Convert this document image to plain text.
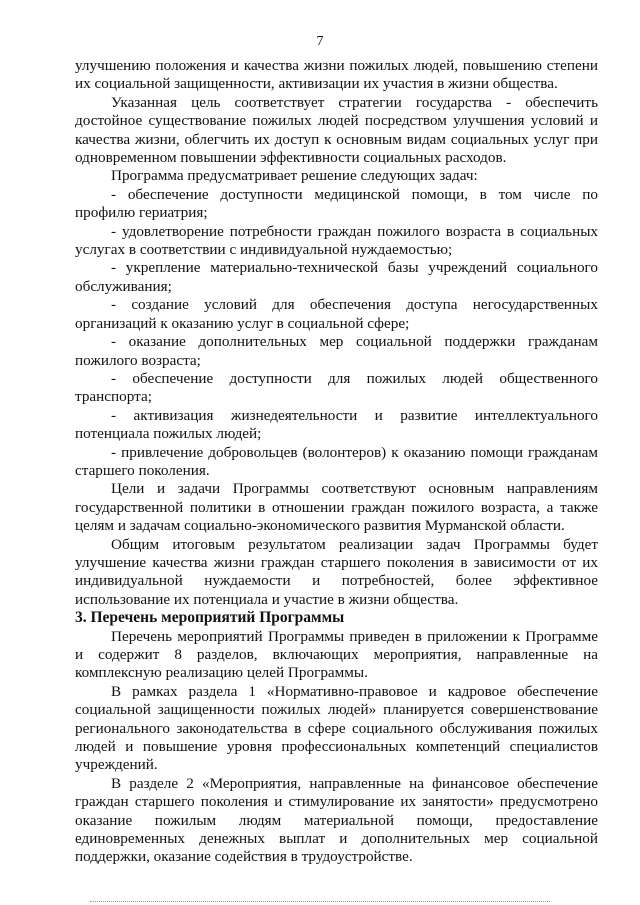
7

улучшению положения и качества жизни пожилых людей, повышению степени их социальной защищенности, активизации их участия в жизни общества.

Указанная цель соответствует стратегии государства - обеспечить достойное существование пожилых людей посредством улучшения условий и качества жизни, облегчить их доступ к основным видам социальных услуг при одновременном повышении эффективности социальных расходов.

Программа предусматривает решение следующих задач:

- обеспечение доступности медицинской помощи, в том числе по профилю гериатрия;

- удовлетворение потребности граждан пожилого возраста в социальных услугах в соответствии с индивидуальной нуждаемостью;

- укрепление материально-технической базы учреждений социального обслуживания;

- создание условий для обеспечения доступа негосударственных организаций к оказанию услуг в социальной сфере;

- оказание дополнительных мер социальной поддержки гражданам пожилого возраста;

- обеспечение доступности для пожилых людей общественного транспорта;

- активизация жизнедеятельности и развитие интеллектуального потенциала пожилых людей;

- привлечение добровольцев (волонтеров) к оказанию помощи гражданам старшего поколения.

Цели и задачи Программы соответствуют основным направлениям государственной политики в отношении граждан пожилого возраста, а также целям и задачам социально-экономического развития Мурманской области.

Общим итоговым результатом реализации задач Программы будет улучшение качества жизни граждан старшего поколения в зависимости от их индивидуальной нуждаемости и потребностей, более эффективное использование их потенциала и участие в жизни общества.

3. Перечень мероприятий Программы

Перечень мероприятий Программы приведен в приложении к Программе и содержит 8 разделов, включающих мероприятия, направленные на комплексную реализацию целей Программы.

В рамках раздела 1 «Нормативно-правовое и кадровое обеспечение социальной защищенности пожилых людей» планируется совершенствование регионального законодательства в сфере социального обслуживания пожилых людей и повышение уровня профессиональных компетенций специалистов учреждений.

В разделе 2 «Мероприятия, направленные на финансовое обеспечение граждан старшего поколения и стимулирование их занятости» предусмотрено оказание пожилым людям материальной помощи, предоставление единовременных денежных выплат и дополнительных мер социальной поддержки, оказание содействия в трудоустройстве.
